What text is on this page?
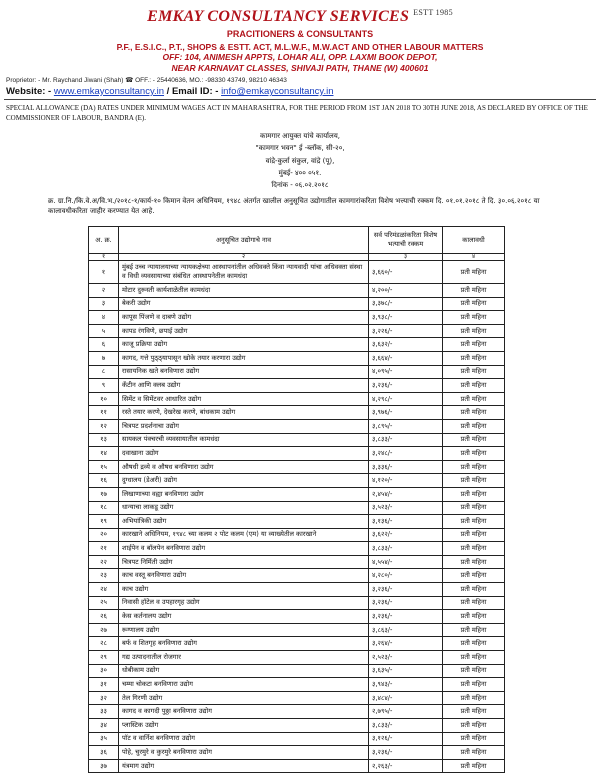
EMKAY CONSULTANCY SERVICES $^{ESTT 1985}$
PRACITIONERS & CONSULTANTS
P.F., E.S.I.C., P.T., SHOPS & ESTT. ACT, M.L.W.F., M.W.ACT AND OTHER LABOUR MATTERS
OFF: 104, ANIMESH APPTS, LOHAR ALI, OPP. LAXMI BOOK DEPOT,
NEAR KARNAVAT CLASSES, SHIVAJI PATH, THANE (W) 400601
Proprietor: - Mr. Raychand Jiwani (Shah) ☎ OFF.: - 25440636, MO.: -98330 43749, 98210 46343
Website: - www.emkayconsultancy.in / Email ID: - info@emkayconsultancy.in
SPECIAL ALLOWANCE (DA) RATES UNDER MINIMUM WAGES ACT IN MAHARASHTRA, FOR THE PERIOD FROM 1ST JAN 2018 TO 30TH JUNE 2018, AS DECLARED BY OFFICE OF THE COMMISSIONER OF LABOUR, BANDRA (E).
कामगार आयुक्त यांचे कार्यालय,
"कामगार भवन" ई -ब्लॉक, सी-२०,
वांद्रे-कुर्ला संकुल, वांद्रे (पू),
मुंबई- ४०० ०५१.
दिनांक - ०६.०२.२०१८
क्र. ग्रा.नि./कि.वे.अ/वि.भ./२०१८-१/कार्य-१० किमान वेतन अधिनियम, १९४८ अंतर्गत खालील अनुसूचित उद्योगातील कामगारांकरिता विशेष भत्त्याची रक्कम दि. ०१.०१.२०१८ ते दि. ३०.०६.२०१८ या कालावधीकरिता जाहीर करण्यात येत आहे.
अ. क्र.	अनुसूचित उद्योगाचे नाव	सर्व परिमंडळांकरिता विशेष भत्याची रक्कम	कालावधी
१	२	३	४
१	मुंबई उच्च न्यायालयाच्या न्यायकक्षेच्या आस्थापनांतील अधिवक्ते किंवा न्यायवादी यांचा अधिवक्ता संस्था व विधी व्यवसायाच्या संबंधित आस्थापनेतील कामधंदा	३,६६०/-	प्रती महिना
२	मोटार दुरूस्ती कार्यशाळेतील कामधंदा	४,२००/-	प्रती महिना
३	बेकरी उद्योग	३,३७८/-	प्रती महिना
४	कापूस पिंजणे व दाबणे उद्योग	३,९३८/-	प्रती महिना
५	कापड रंगविणे, छपाई उद्योग	३,२२६/-	प्रती महिना
६	काजू प्रक्रिया उद्योग	३,६३२/-	प्रती महिना
७	कागद, गत्ते पुठ्ठ्यापासून खोके तयार करणारा उद्योग	३,६६४/-	प्रती महिना
८	रासायनिक खते बनविणारा उद्योग	४,०९५/-	प्रती महिना
९	कँटीन आणि क्लब उद्योग	३,२३६/-	प्रती महिना
१०	सिमेंट व सिमेंटवर आधारित उद्योग	४,२९८/-	प्रती महिना
११	रस्ते तयार करणे, देखरेख करणे, बांधकाम उद्योग	३,९७६/-	प्रती महिना
१२	चित्रपट प्रदर्शनाचा उद्योग	३,८९५/-	प्रती महिना
१३	सायकल पंक्चरची व्यवसायातील कामधंदा	३,८३३/-	प्रती महिना
१४	दवाखाना उद्योग	३,२४८/-	प्रती महिना
१५	औषधी द्रव्ये व औषध बनविणारा उद्योग	३,३३६/-	प्रती महिना
१६	दुग्धालय (डेअरी) उद्योग	४,१२०/-	प्रती महिना
१७	लिखाणाच्या वह्या बनविणारा उद्योग	२,४५४/-	प्रती महिना
१८	धान्याचा लाकडू उद्योग	३,५२३/-	प्रती महिना
१९	अभियांत्रिकी उद्योग	३,१३६/-	प्रती महिना
२०	कारखाने अधिनियम, १९४८ च्या कलम २ पोट कलम (एम) या व्याख्येतील कारखाने	३,६२२/-	प्रती महिना
२१	शाईपेन व बॉलपेन बनविणारा उद्योग	३,८३३/-	प्रती महिना
२२	चित्रपट निर्मिती उद्योग	४,५५४/-	प्रती महिना
२३	काच वस्तू बनविणारा उद्योग	४,२८०/-	प्रती महिना
२४	काच उद्योग	३,२३६/-	प्रती महिना
२५	निवासी हॉटेल व उपहारगृह उद्योग	३,२३६/-	प्रती महिना
२६	केस कर्तनालय उद्योग	३,२३६/-	प्रती महिना
२७	रूग्णालय उद्योग	३,८६३/-	प्रती महिना
२८	बर्फ व शितगृह बनविणारा उद्योग	३,२६४/-	प्रती महिना
२९	गद्य उत्पादनातील रोजगार	२,५२३/-	प्रती महिना
३०	धोबीकाम उद्योग	३,६३५/-	प्रती महिना
३१	चम्मा चोकटा बनविणारा उद्योग	३,९४३/-	प्रती महिना
३२	तेल गिरणी उद्योग	३,४८४/-	प्रती महिना
३३	कागद व कागदी पुठ्ठा बनविणारा उद्योग	२,७९५/-	प्रती महिना
३४	प्लास्टिक उद्योग	३,८३३/-	प्रती महिना
३५	पॉट व वार्निश बनविणारा उद्योग	३,१२६/-	प्रती महिना
३६	पोहे, चुरमुरे व कुरमुरे बनविणारा उद्योग	३,२३६/-	प्रती महिना
३७	यंत्रमाग उद्योग	२,२६३/-	प्रती महिना
